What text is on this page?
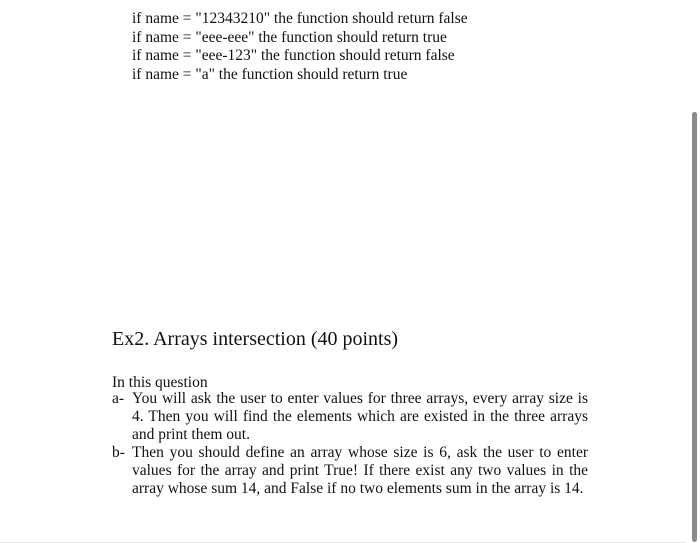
if name = "12343210" the function should return false
if name = "eee-eee" the function should return true
if name = "eee-123" the function should return false
if name = "a" the function should return true
Ex2. Arrays intersection (40 points)
In this question
a- You will ask the user to enter values for three arrays, every array size is 4. Then you will find the elements which are existed in the three arrays and print them out.
b- Then you should define an array whose size is 6, ask the user to enter values for the array and print True! If there exist any two values in the array whose sum 14, and False if no two elements sum in the array is 14.
